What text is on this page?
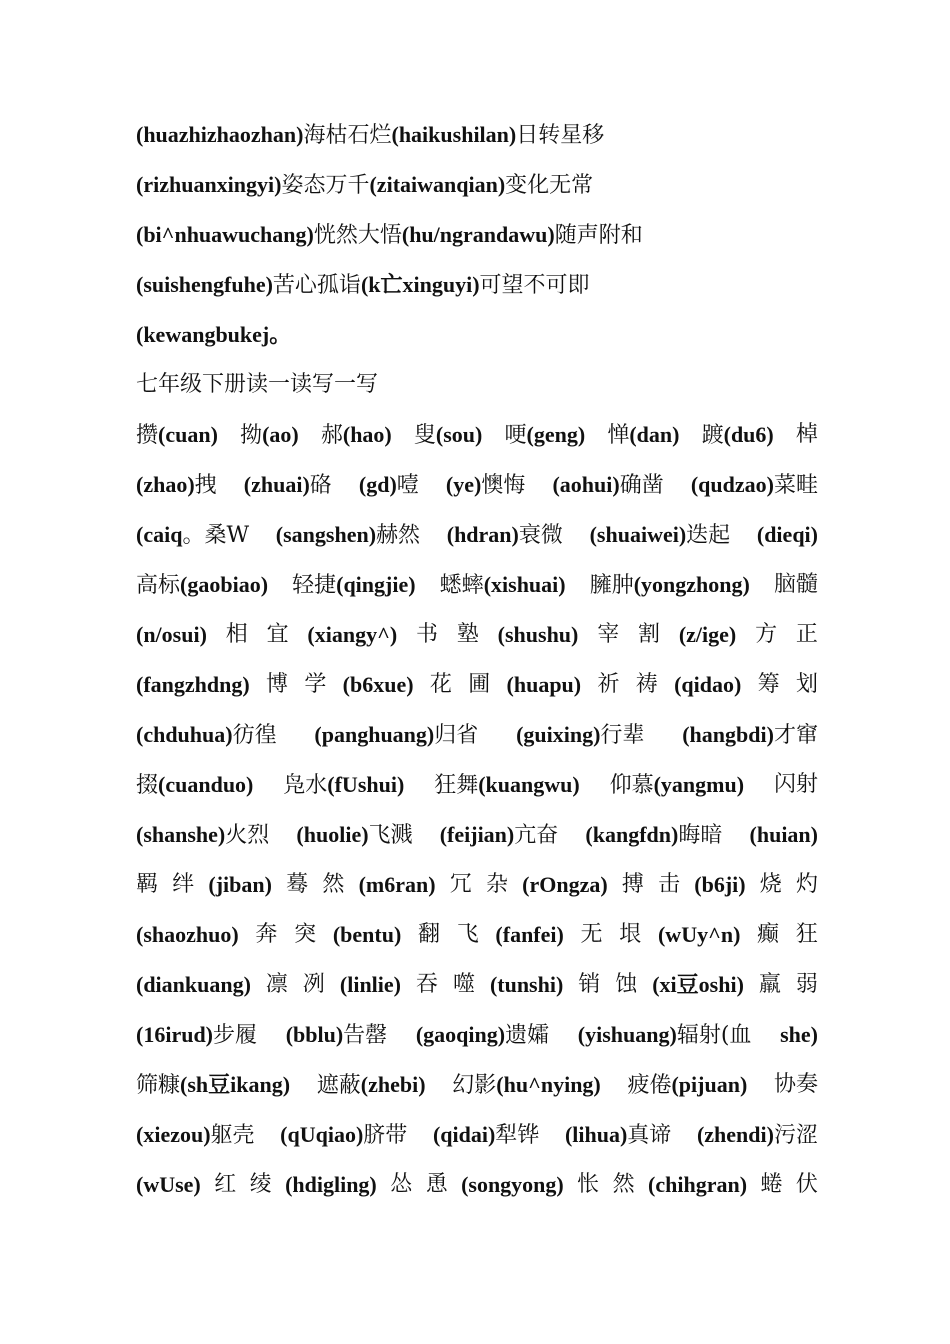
(huazhizhaozhan)海枯石烂(haikushilan)日转星移
(rizhuanxingyi)姿态万千(zitaiwanqian)变化无常
(bi^nhuawuchang)恍然大悟(hu/ngrandawu)随声附和
(suishengfuhe)苦心孤诣(k亡xinguyi)可望不可即
(kewangbukej。
七年级下册读一读写一写
攒(cuan) 拗(ao) 郝(hao) 叟(sou) 哽(geng) 惮(dan) 踱(du6) 棹
(zhao)拽 (zhuai)硌 (gd)噎 (ye)懊悔 (aohui)确凿 (qudzao)菜畦
(caiq。桑W (sangshen)赫然 (hdran)衰微 (shuaiwei)迭起 (dieqi)
高标(gaobiao) 轻捷(qingjie) 蟋蟀(xishuai) 臃肿(yongzhong) 脑髓
(n/osui) 相 宜 (xiangy^) 书 塾 (shushu) 宰 割 (z/ige) 方 正
(fangzhdng) 博 学 (b6xue) 花 圃 (huapu) 祈 祷 (qidao) 筹 划
(chduhua)彷徨 (panghuang)归省 (guixing)行辈 (hangbdi)才窜
掇(cuanduo) 凫水(fUshui) 狂舞(kuangwu) 仰慕(yangmu) 闪射
(shanshe)火烈 (huolie)飞溅 (feijian)亢奋 (kangfdn)晦暗 (huian)
羁 绊 (jiban) 蓦 然 (m6ran) 冗 杂 (rOngza) 搏 击 (b6ji) 烧 灼
(shaozhuo) 奔 突 (bentu) 翻 飞 (fanfei) 无 垠 (wUy^n) 癫 狂
(diankuang) 凛 冽 (linlie) 吞 噬 (tunshi) 销 蚀 (xi豆oshi) 羸 弱
(16irud)步履 (bblu)告罄 (gaoqing)遗孀 (yishuang)辐射(血 she)
筛糠(sh豆ikang) 遮蔽(zhebi) 幻影(hu^nying) 疲倦(pijuan) 协奏
(xiezou)躯壳 (qUqiao)脐带 (qidai)犁铧 (lihua)真谛 (zhendi)污涩
(wUse) 红 绫 (hdigling) 怂 恿 (songyong) 怅 然 (chihgran) 蜷 伏
